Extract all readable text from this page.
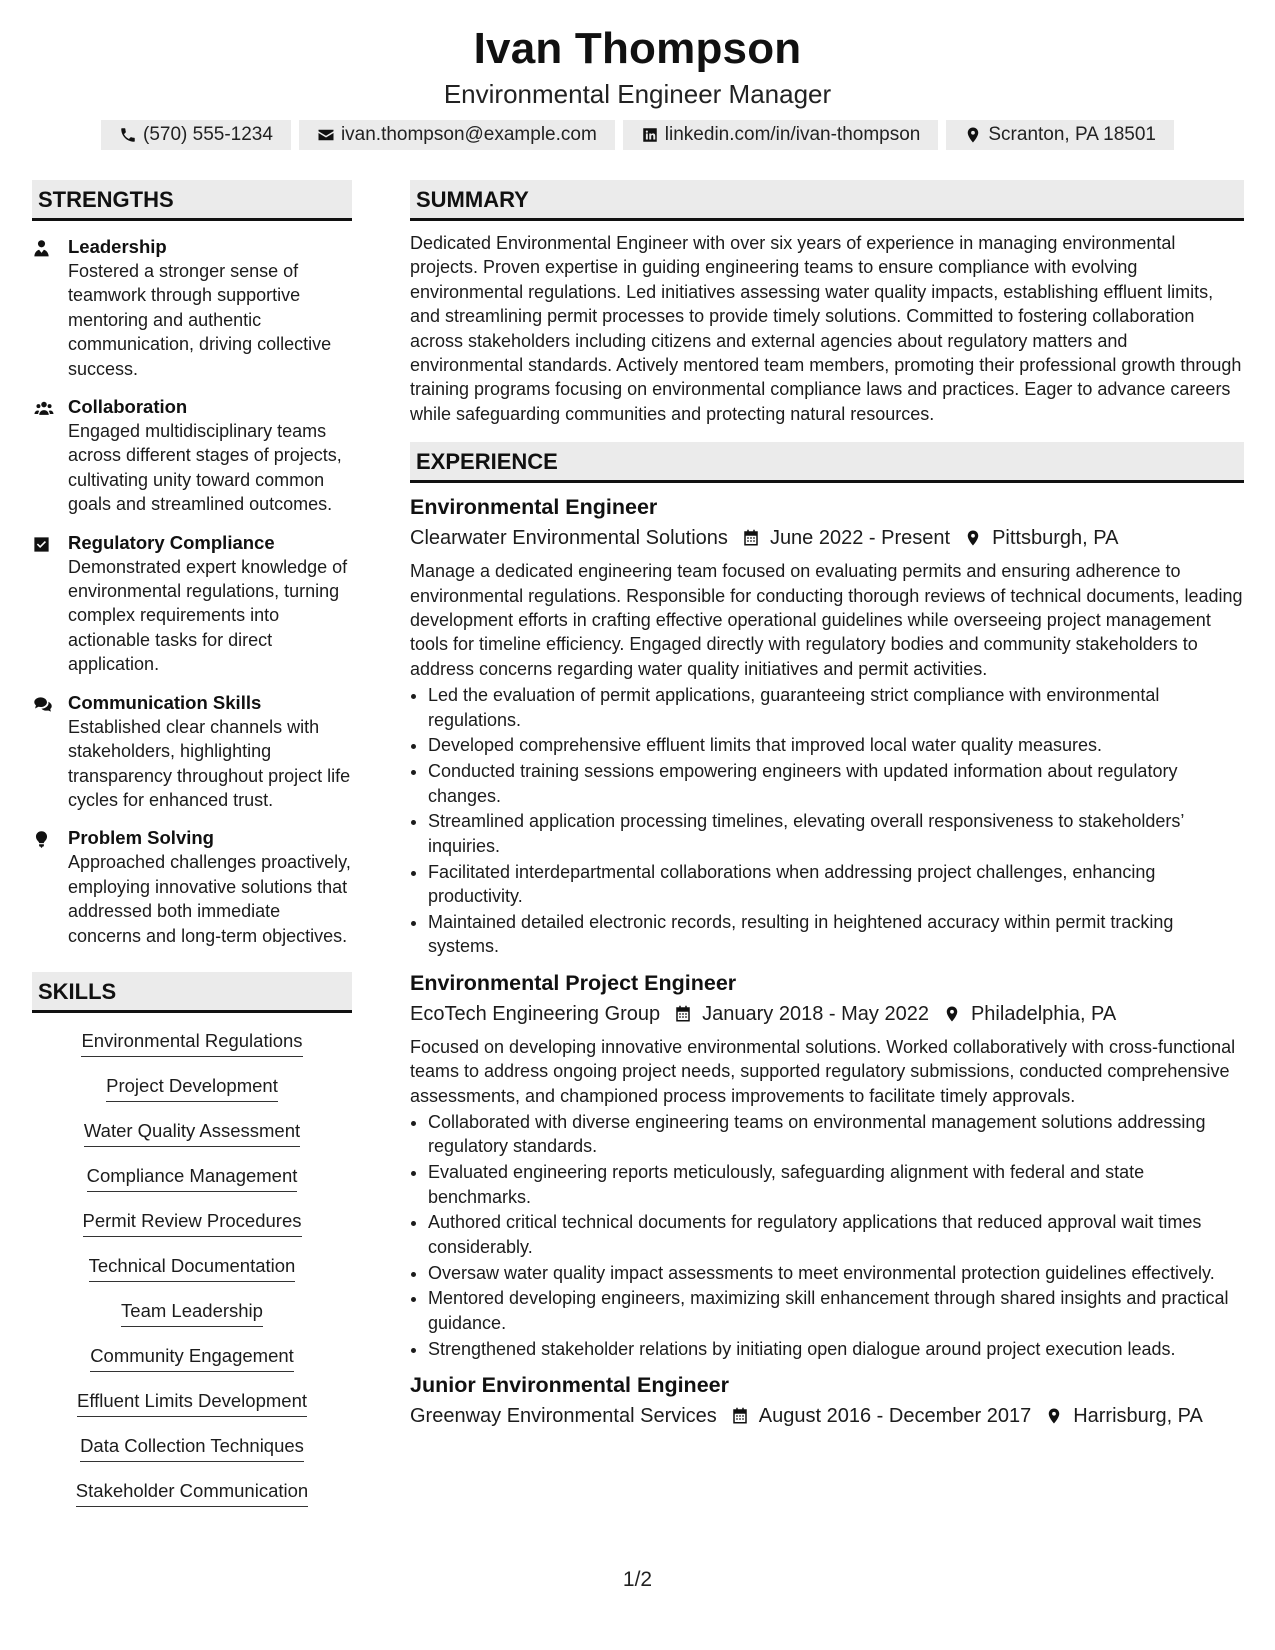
Ivan Thompson
Environmental Engineer Manager
(570) 555-1234	ivan.thompson@example.com	linkedin.com/in/ivan-thompson	Scranton, PA 18501
STRENGTHS
Leadership
Fostered a stronger sense of teamwork through supportive mentoring and authentic communication, driving collective success.
Collaboration
Engaged multidisciplinary teams across different stages of projects, cultivating unity toward common goals and streamlined outcomes.
Regulatory Compliance
Demonstrated expert knowledge of environmental regulations, turning complex requirements into actionable tasks for direct application.
Communication Skills
Established clear channels with stakeholders, highlighting transparency throughout project life cycles for enhanced trust.
Problem Solving
Approached challenges proactively, employing innovative solutions that addressed both immediate concerns and long-term objectives.
SKILLS
Environmental Regulations
Project Development
Water Quality Assessment
Compliance Management
Permit Review Procedures
Technical Documentation
Team Leadership
Community Engagement
Effluent Limits Development
Data Collection Techniques
Stakeholder Communication
SUMMARY
Dedicated Environmental Engineer with over six years of experience in managing environmental projects. Proven expertise in guiding engineering teams to ensure compliance with evolving environmental regulations. Led initiatives assessing water quality impacts, establishing effluent limits, and streamlining permit processes to provide timely solutions. Committed to fostering collaboration across stakeholders including citizens and external agencies about regulatory matters and environmental standards. Actively mentored team members, promoting their professional growth through training programs focusing on environmental compliance laws and practices. Eager to advance careers while safeguarding communities and protecting natural resources.
EXPERIENCE
Environmental Engineer
Clearwater Environmental Solutions June 2022 - Present Pittsburgh, PA
Manage a dedicated engineering team focused on evaluating permits and ensuring adherence to environmental regulations. Responsible for conducting thorough reviews of technical documents, leading development efforts in crafting effective operational guidelines while overseeing project management tools for timeline efficiency. Engaged directly with regulatory bodies and community stakeholders to address concerns regarding water quality initiatives and permit activities.
• Led the evaluation of permit applications, guaranteeing strict compliance with environmental regulations.
• Developed comprehensive effluent limits that improved local water quality measures.
• Conducted training sessions empowering engineers with updated information about regulatory changes.
• Streamlined application processing timelines, elevating overall responsiveness to stakeholders’ inquiries.
• Facilitated interdepartmental collaborations when addressing project challenges, enhancing productivity.
• Maintained detailed electronic records, resulting in heightened accuracy within permit tracking systems.
Environmental Project Engineer
EcoTech Engineering Group January 2018 - May 2022 Philadelphia, PA
Focused on developing innovative environmental solutions. Worked collaboratively with cross-functional teams to address ongoing project needs, supported regulatory submissions, conducted comprehensive assessments, and championed process improvements to facilitate timely approvals.
• Collaborated with diverse engineering teams on environmental management solutions addressing regulatory standards.
• Evaluated engineering reports meticulously, safeguarding alignment with federal and state benchmarks.
• Authored critical technical documents for regulatory applications that reduced approval wait times considerably.
• Oversaw water quality impact assessments to meet environmental protection guidelines effectively.
• Mentored developing engineers, maximizing skill enhancement through shared insights and practical guidance.
• Strengthened stakeholder relations by initiating open dialogue around project execution leads.
Junior Environmental Engineer
Greenway Environmental Services August 2016 - December 2017 Harrisburg, PA
1/2
